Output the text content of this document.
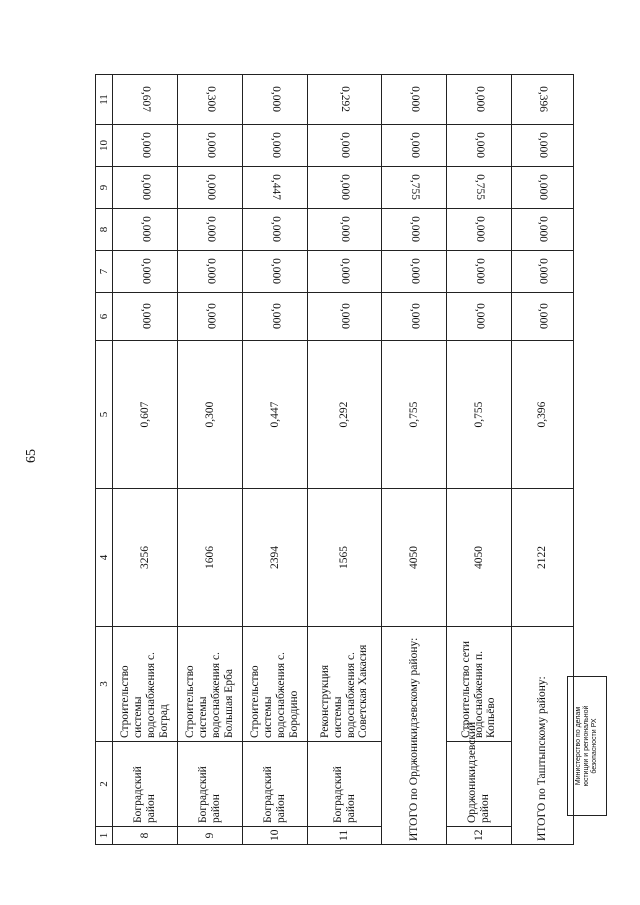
65
1	2	3	4	5	6	7	8	9	10	11
8	Боградский район	Строительство системы водоснабжения с. Боград	3256	0,607	0,000	0,000	0,000	0,000	0,000	0,607
9	Боградский район	Строительство системы водоснабжения с. Большая Ерба	1606	0,300	0,000	0,000	0,000	0,000	0,000	0,300
10	Боградский район	Строительство системы водоснабжения с. Бородино	2394	0,447	0,000	0,000	0,000	0,447	0,000	0,000
11	Боградский район	Реконструкция системы водоснабжения с. Советская Хакасия	1565	0,292	0,000	0,000	0,000	0,000	0,000	0,292
ИТОГО по Орджоникидзевскому району:			4050	0,755	0,000	0,000	0,000	0,755	0,000	0,000
12	Орджоникидзевский район	Строительство сети водоснабжения п. Копьёво	4050	0,755	0,000	0,000	0,000	0,755	0,000	0,000
ИТОГО по Таштыпскому району:			2122	0,396	0,000	0,000	0,000	0,000	0,000	0,396
Министерство по делам юстиции и региональной безопасности РХ
